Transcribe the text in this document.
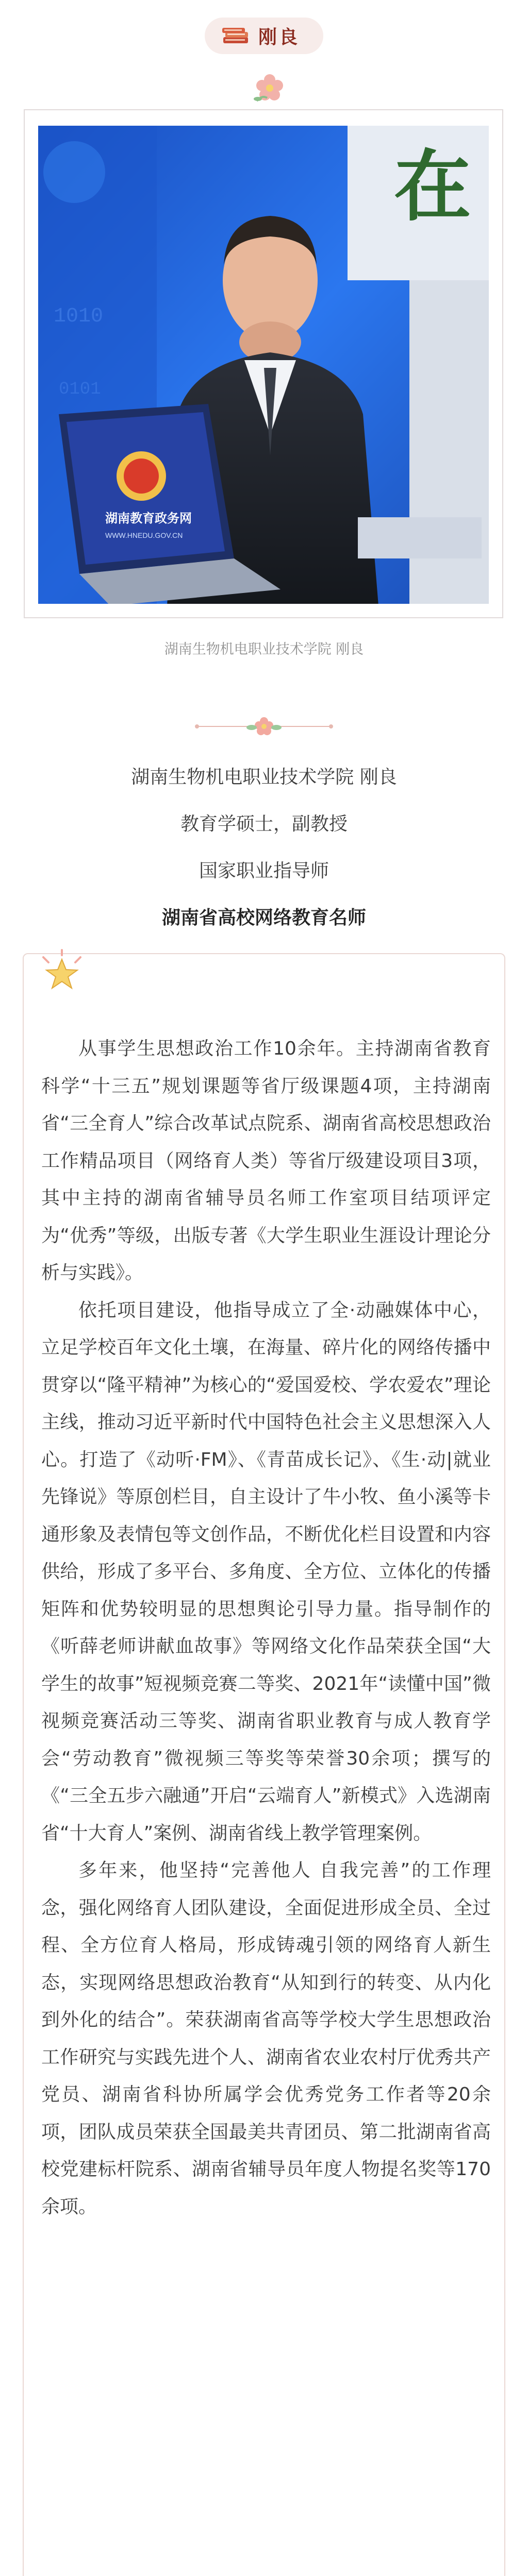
刚良
1010
0101
湖南教育政务网
WWW.HNEDU.GOV.CN
在
湖南生物机电职业技术学院 刚良

湖南生物机电职业技术学院 刚良

教育学硕士，副教授

国家职业指导师

湖南省高校网络教育名师

从事学生思想政治工作10余年。主持湖南省教育科学“十三五”规划课题等省厅级课题4项，主持湖南省“三全育人”综合改革试点院系、湖南省高校思想政治工作精品项目（网络育人类）等省厅级建设项目3项，其中主持的湖南省辅导员名师工作室项目结项评定为“优秀”等级，出版专著《大学生职业生涯设计理论分析与实践》。

依托项目建设，他指导成立了全·动融媒体中心，立足学校百年文化土壤，在海量、碎片化的网络传播中贯穿以“隆平精神”为核心的“爱国爱校、学农爱农”理论主线，推动习近平新时代中国特色社会主义思想深入人心。打造了《动听·FM》、《青苗成长记》、《生·动|就业先锋说》等原创栏目，自主设计了牛小牧、鱼小溪等卡通形象及表情包等文创作品，不断优化栏目设置和内容供给，形成了多平台、多角度、全方位、立体化的传播矩阵和优势较明显的思想舆论引导力量。指导制作的《听薛老师讲献血故事》等网络文化作品荣获全国“大学生的故事”短视频竞赛二等奖、2021年“读懂中国”微视频竞赛活动三等奖、湖南省职业教育与成人教育学会“劳动教育”微视频三等奖等荣誉30余项；撰写的《“三全五步六融通”开启“云端育人”新模式》入选湖南省“十大育人”案例、湖南省线上教学管理案例。

多年来，他坚持“完善他人 自我完善”的工作理念，强化网络育人团队建设，全面促进形成全员、全过程、全方位育人格局，形成铸魂引领的网络育人新生态，实现网络思想政治教育“从知到行的转变、从内化到外化的结合”。荣获湖南省高等学校大学生思想政治工作研究与实践先进个人、湖南省农业农村厅优秀共产党员、湖南省科协所属学会优秀党务工作者等20余项，团队成员荣获全国最美共青团员、第二批湖南省高校党建标杆院系、湖南省辅导员年度人物提名奖等170余项。
